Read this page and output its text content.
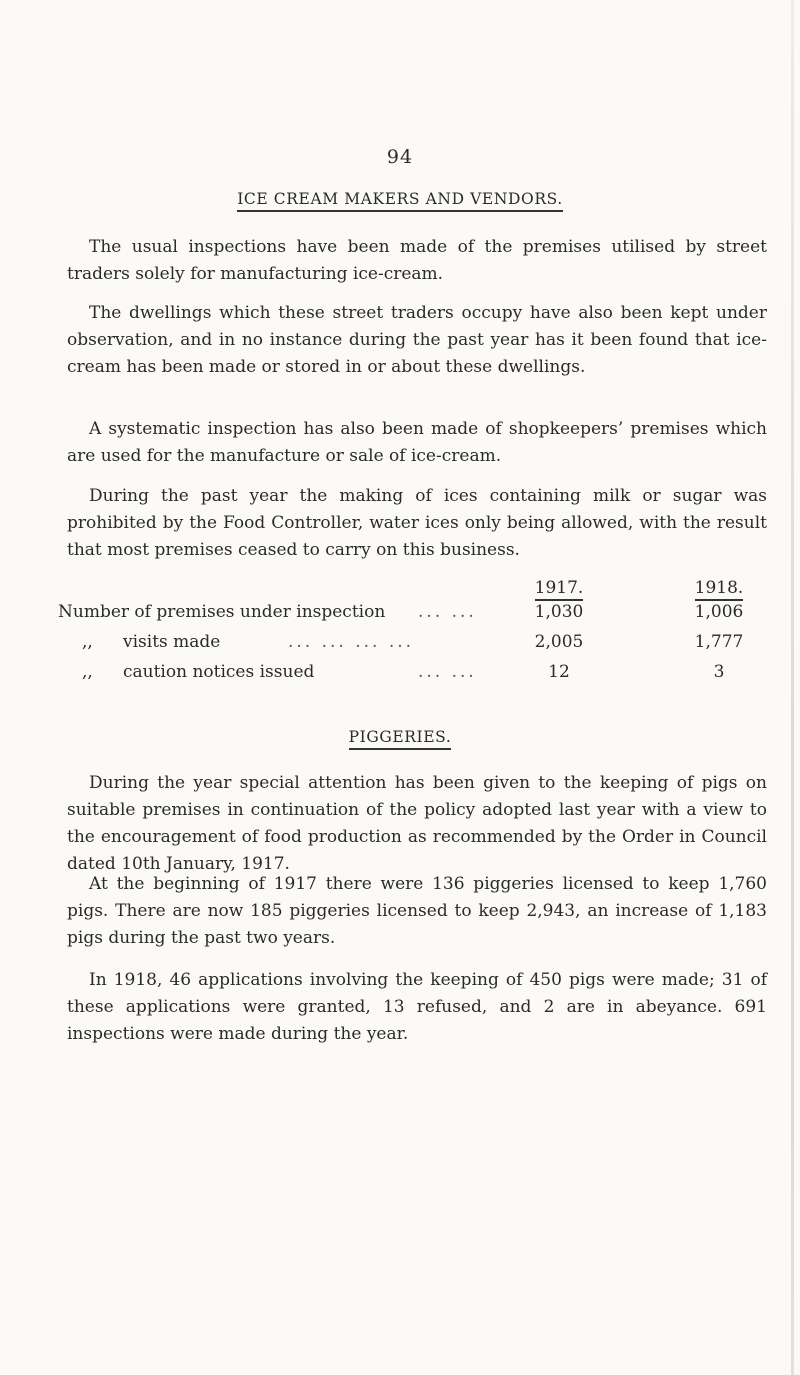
94
ICE CREAM MAKERS AND VENDORS.

The usual inspections have been made of the premises utilised by street traders solely for manufacturing ice-cream.

The dwellings which these street traders occupy have also been kept under observation, and in no instance during the past year has it been found that ice-cream has been made or stored in or about these dwellings.

A systematic inspection has also been made of shopkeepers’ premises which are used for the manufacture or sale of ice-cream.

During the past year the making of ices containing milk or sugar was prohibited by the Food Controller, water ices only being allowed, with the result that most premises ceased to carry on this business.

1917.	1918.
Number of premises under inspection ... ...	1,030	1,006
,, visits made	... ... ... ...	2,005	1,777
,, caution notices issued	... ...	12	3
PIGGERIES.

During the year special attention has been given to the keeping of pigs on suitable premises in continuation of the policy adopted last year with a view to the encouragement of food production as recommended by the Order in Council dated 10th January, 1917.

At the beginning of 1917 there were 136 piggeries licensed to keep 1,760 pigs. There are now 185 piggeries licensed to keep 2,943, an increase of 1,183 pigs during the past two years.

In 1918, 46 applications involving the keeping of 450 pigs were made; 31 of these applications were granted, 13 refused, and 2 are in abeyance. 691 inspections were made during the year.
